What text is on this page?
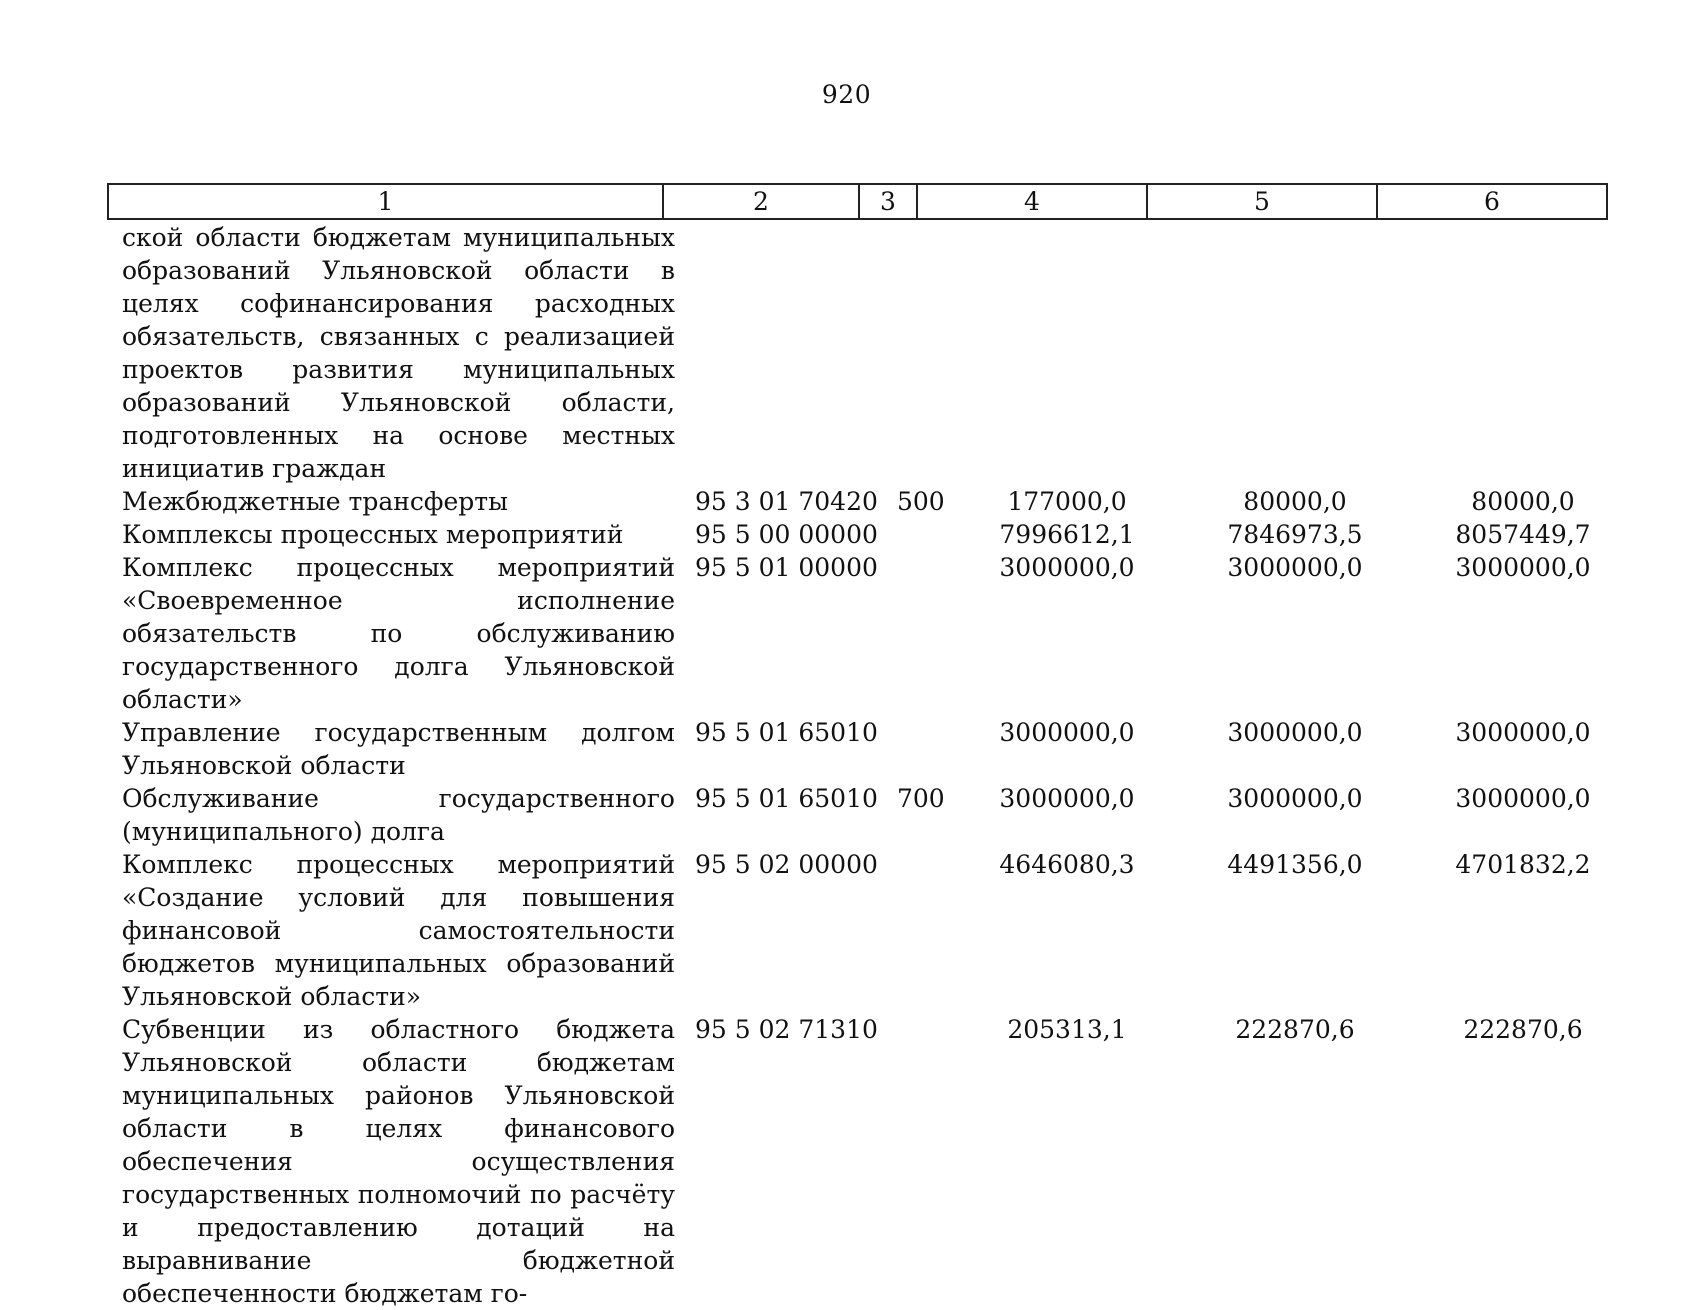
920
1	2	3	4	5	6
ской области бюджетам муниципальных образований Ульяновской области в целях софинансирования расходных обязательств, связанных с реализацией проектов развития муниципальных образований Ульяновской области, подготовленных на основе местных инициатив граждан					
Межбюджетные трансферты	95 3 01 70420	500	177000,0	80000,0	80000,0
Комплексы процессных мероприятий	95 5 00 00000		7996612,1	7846973,5	8057449,7
Комплекс процессных мероприятий «Своевременное исполнение обязательств по обслуживанию государственного долга Ульяновской области»	95 5 01 00000		3000000,0	3000000,0	3000000,0
Управление государственным долгом Ульяновской области	95 5 01 65010		3000000,0	3000000,0	3000000,0
Обслуживание государственного (муниципального) долга	95 5 01 65010	700	3000000,0	3000000,0	3000000,0
Комплекс процессных мероприятий «Создание условий для повышения финансовой самостоятельности бюджетов муниципальных образований Ульяновской области»	95 5 02 00000		4646080,3	4491356,0	4701832,2
Субвенции из областного бюджета Ульяновской области бюджетам муниципальных районов Ульяновской области в целях финансового обеспечения осуществления государственных полномочий по расчёту и предоставлению дотаций на выравнивание бюджетной обеспеченности бюджетам го-	95 5 02 71310		205313,1	222870,6	222870,6
